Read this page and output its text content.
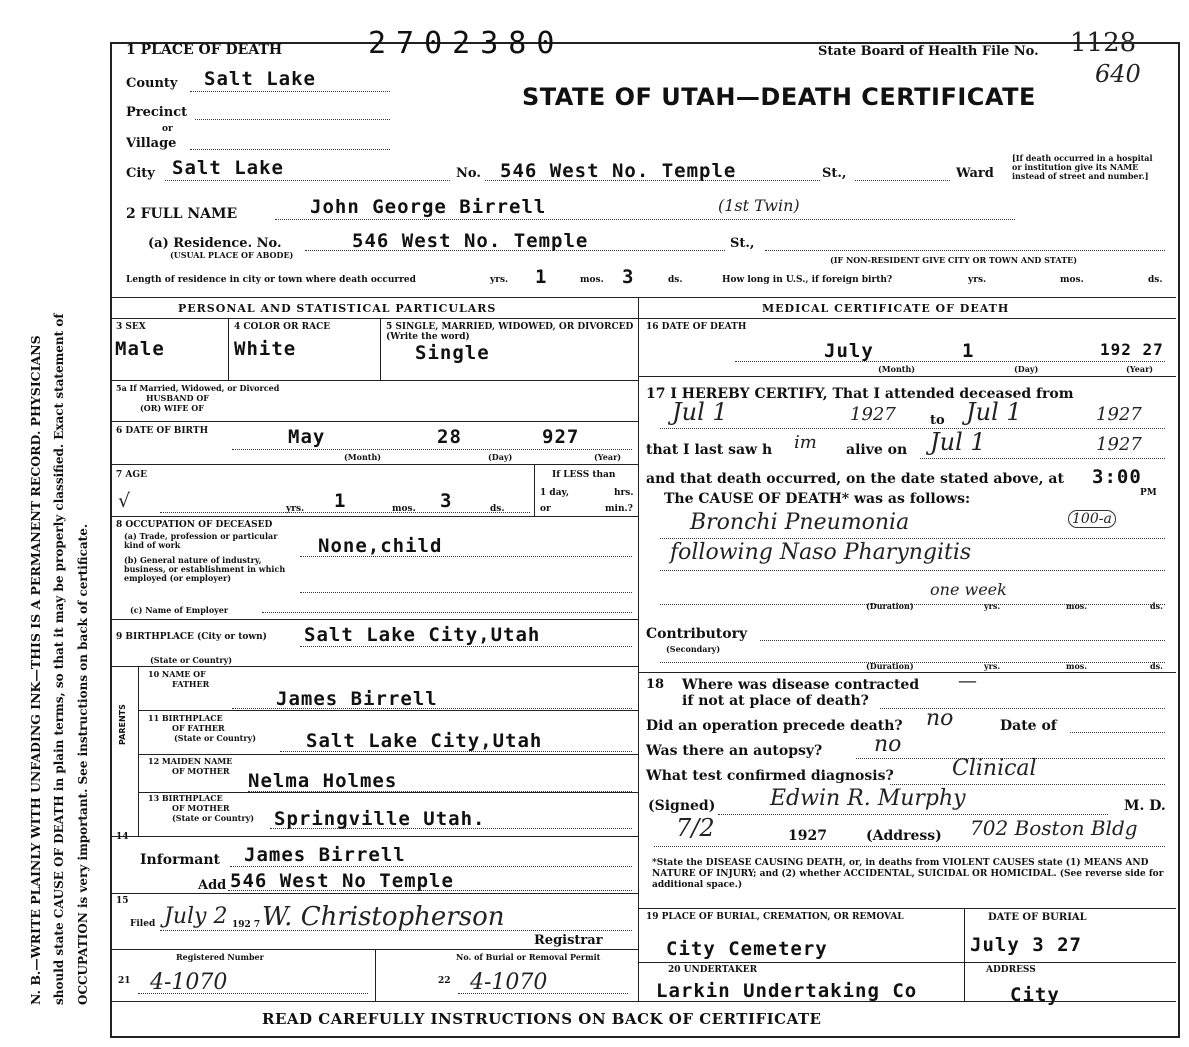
N. B.—WRITE PLAINLY WITH UNFADING INK—THIS IS A PERMANENT RECORD. PHYSICIANS should state CAUSE OF DEATH in plain terms, so that it may be properly classified. Exact statement of OCCUPATION is very important. See instructions on back of certificate.
1 PLACE OF DEATH	2702380	State Board of Health File No. 1128
640
STATE OF UTAH—DEATH CERTIFICATE
County Salt Lake
Precinct
or
Village
City Salt Lake	No. 546 West No. Temple	St.,	Ward
[If death occurred in a hospital or institution give its NAME instead of street and number.]
2 FULL NAME	John George Birrell	(1st Twin)
(a) Residence. No.
(USUAL PLACE OF ABODE)
546 West No. Temple	St.,
(IF NON-RESIDENT GIVE CITY OR TOWN AND STATE)
Length of residence in city or town where death occurred	yrs. 1	mos. 3	ds.	How long in U.S., if foreign birth?	yrs.	mos.	ds.
PERSONAL AND STATISTICAL PARTICULARS	MEDICAL CERTIFICATE OF DEATH
3 SEX
Male
4 COLOR OR RACE
White
5 SINGLE, MARRIED, WIDOWED, OR DIVORCED (Write the word)
Single
5a If Married, Widowed, or Divorced
HUSBAND OF
(OR) WIFE OF
6 DATE OF BIRTH	May	28	927
(Month)	(Day)	(Year)
7 AGE
√	yrs. 1	mos. 3	ds.
If LESS than
1 day,	hrs.
or	min.?
8 OCCUPATION OF DECEASED
(a) Trade, profession or particular kind of work
(b) General nature of industry, business, or establishment in which employed (or employer)
None,child
(c) Name of Employer
9 BIRTHPLACE (City or town) Salt Lake City,Utah
(State or Country)
PARENTS
10 NAME OF
FATHER
James Birrell
11 BIRTHPLACE
OF FATHER
(State or Country)	Salt Lake City,Utah
12 MAIDEN NAME
OF MOTHER Nelma Holmes
13 BIRTHPLACE
OF MOTHER
(State or Country) Springville Utah.
14
Informant James Birrell
Add 546 West No Temple
15
Filed July 2 192 7 W. Christopherson
Registrar
Registered Number	No. of Burial or Removal Permit
21 4-1070	22 4-1070
16 DATE OF DEATH
July	1	192 27
(Month)	(Day)	(Year)
17 I HEREBY CERTIFY, That I attended deceased from
Jul 1	1927	to Jul 1	1927
that I last saw h im alive on Jul 1	1927
and that death occurred, on the date stated above, at 3:00
PM
The CAUSE OF DEATH* was as follows:
Bronchi Pneumonia	100-a
following Naso Pharyngitis
one week
(Duration)	yrs.	mos.	ds.
Contributory
(Secondary)
(Duration)	yrs.	mos.	ds.
18 Where was disease contracted —
if not at place of death?
Did an operation precede death? no	Date of
Was there an autopsy? no
What test confirmed diagnosis?	Clinical
(Signed) Edwin R. Murphy	M. D.
7/2	1927	(Address) 702 Boston Bldg
*State the DISEASE CAUSING DEATH, or, in deaths from VIOLENT CAUSES state (1) MEANS AND NATURE OF INJURY; and (2) whether ACCIDENTAL, SUICIDAL OR HOMICIDAL. (See reverse side for additional space.)
19 PLACE OF BURIAL, CREMATION, OR REMOVAL
City Cemetery
DATE OF BURIAL
July 3 27
20 UNDERTAKER
Larkin Undertaking Co
ADDRESS
City
READ CAREFULLY INSTRUCTIONS ON BACK OF CERTIFICATE
